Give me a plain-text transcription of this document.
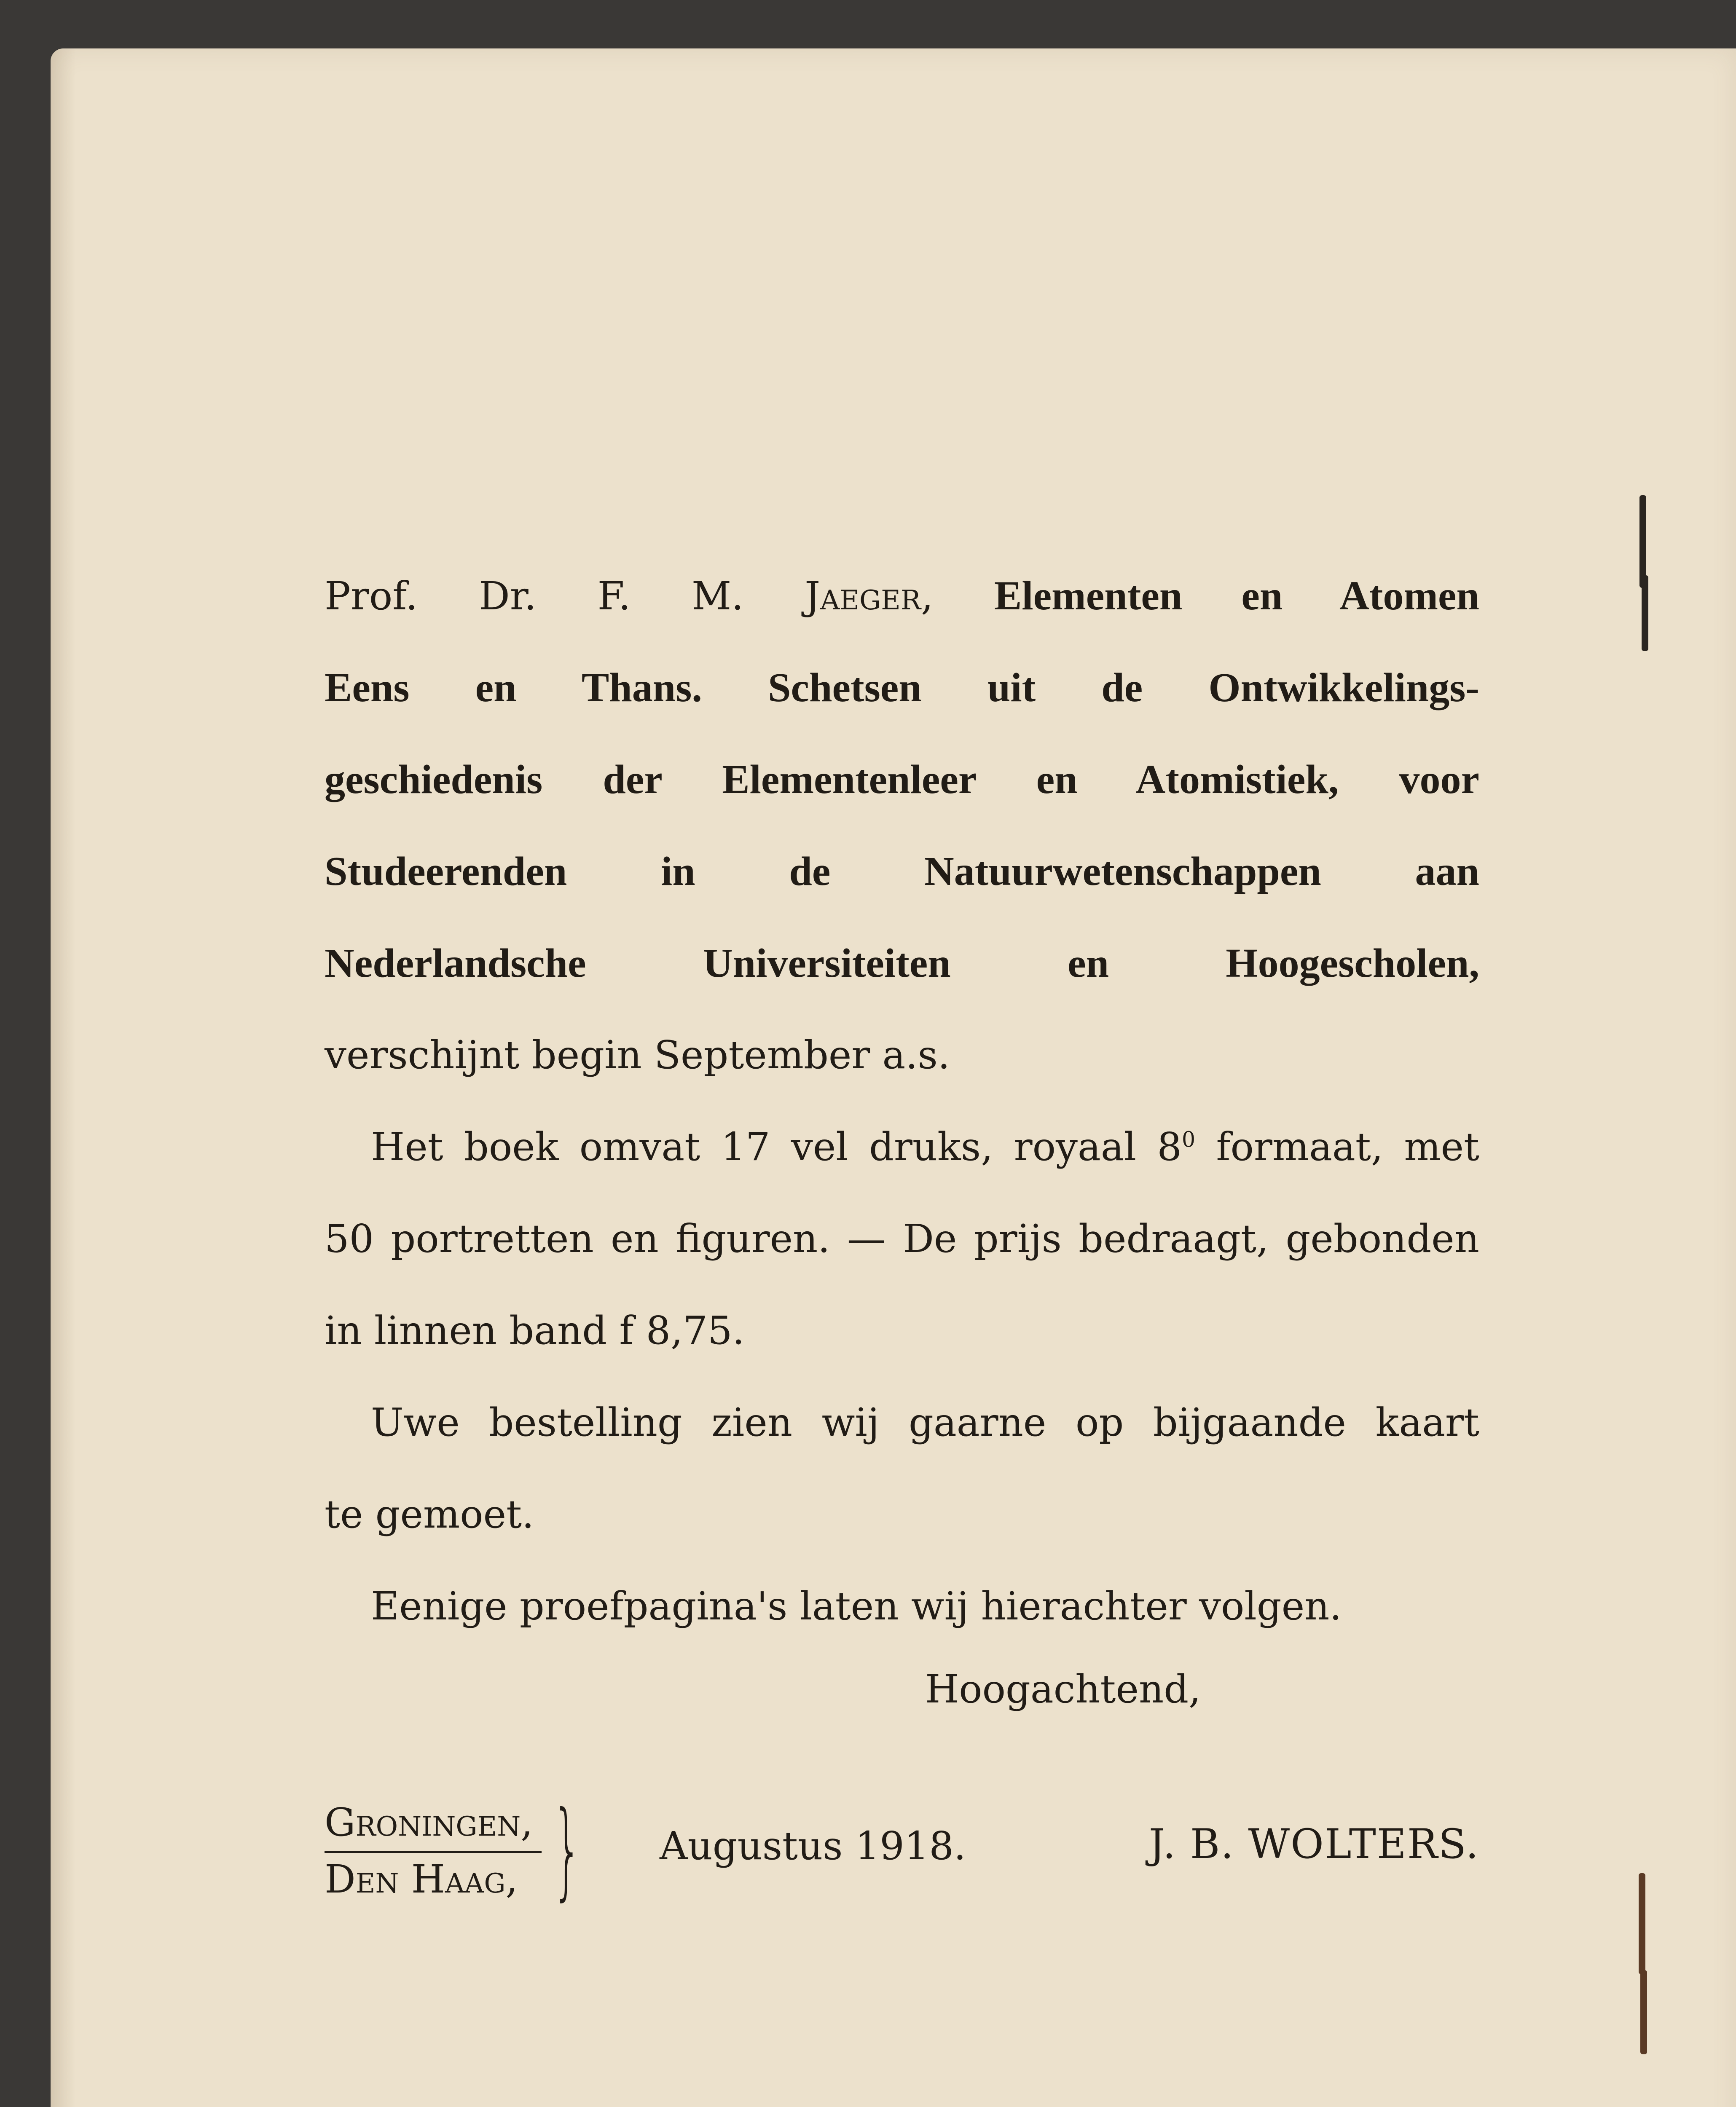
Prof. Dr. F. M. Jaeger, Elementen en Atomen
Eens en Thans. Schetsen uit de Ontwikkelings-
geschiedenis der Elementenleer en Atomistiek, voor
Studeerenden in de Natuurwetenschappen aan
Nederlandsche Universiteiten en Hoogescholen,
verschijnt begin September a.s.
Het boek omvat 17 vel druks, royaal $8^0$ formaat, met
50 portretten en figuren. — De prijs bedraagt, gebonden
in linnen band f 8,75.
Uwe bestelling zien wij gaarne op bijgaande kaart
te gemoet.
Eenige proefpagina's laten wij hierachter volgen.
Hoogachtend,
Groningen,
Den Haag, } Augustus 1918.	J. B. WOLTERS.
